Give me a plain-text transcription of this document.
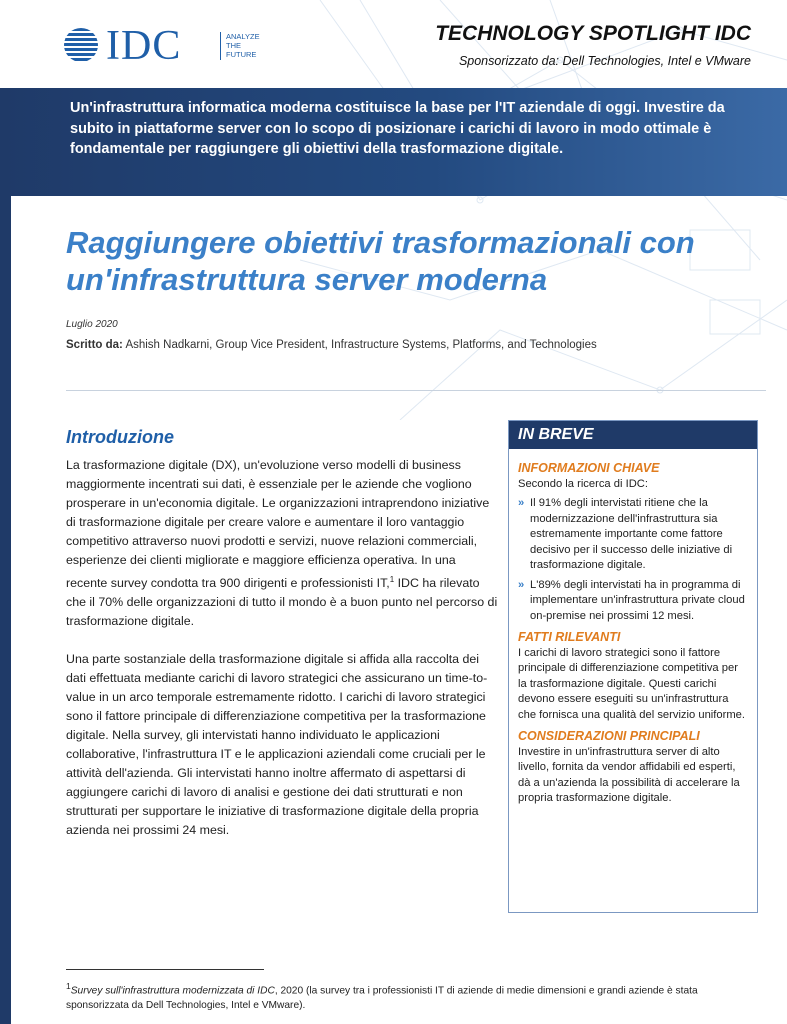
IDC	ANALYZE
THE
FUTURE
TECHNOLOGY SPOTLIGHT IDC
Sponsorizzato da: Dell Technologies, Intel e VMware

Un'infrastruttura informatica moderna costituisce la base per l'IT aziendale di oggi. Investire da subito in piattaforme server con lo scopo di posizionare i carichi di lavoro in modo ottimale è fondamentale per raggiungere gli obiettivi della trasformazione digitale.

Raggiungere obiettivi trasformazionali con un'infrastruttura server moderna
Luglio 2020
Scritto da: Ashish Nadkarni, Group Vice President, Infrastructure Systems, Platforms, and Technologies
Introduzione

La trasformazione digitale (DX), un'evoluzione verso modelli di business maggiormente incentrati sui dati, è essenziale per le aziende che vogliono prosperare in un'economia digitale. Le organizzazioni intraprendono iniziative di trasformazione digitale per creare valore e aumentare il loro vantaggio competitivo attraverso nuovi prodotti e servizi, nuove relazioni commerciali, esperienze dei clienti migliorate e maggiore efficienza operativa. In una recente survey condotta tra 900 dirigenti e professionisti IT,$^1$ IDC ha rilevato che il 70% delle organizzazioni di tutto il mondo è a buon punto nel percorso di trasformazione digitale.

Una parte sostanziale della trasformazione digitale si affida alla raccolta dei dati effettuata mediante carichi di lavoro strategici che assicurano un time-to-value in un arco temporale estremamente ridotto. I carichi di lavoro strategici sono il fattore principale di differenziazione competitiva per la trasformazione digitale. Nella survey, gli intervistati hanno individuato le applicazioni collaborative, l'infrastruttura IT e le applicazioni aziendali come cruciali per le attività dell'azienda. Gli intervistati hanno inoltre affermato di aspettarsi di aggiungere carichi di lavoro di analisi e gestione dei dati strutturati e non strutturati per supportare le iniziative di trasformazione digitale della propria azienda nei prossimi 24 mesi.

IN BREVE

INFORMAZIONI CHIAVE

Secondo la ricerca di IDC:

» Il 91% degli intervistati ritiene che la modernizzazione dell'infrastruttura sia estremamente importante come fattore decisivo per il successo delle iniziative di trasformazione digitale.

» L'89% degli intervistati ha in programma di implementare un'infrastruttura private cloud on-premise nei prossimi 12 mesi.

FATTI RILEVANTI

I carichi di lavoro strategici sono il fattore principale di differenziazione competitiva per la trasformazione digitale. Questi carichi devono essere eseguiti su un'infrastruttura che fornisca una qualità del servizio uniforme.

CONSIDERAZIONI PRINCIPALI

Investire in un'infrastruttura server di alto livello, fornita da vendor affidabili ed esperti, dà a un'azienda la possibilità di accelerare la propria trasformazione digitale.

$^1$Survey sull'infrastruttura modernizzata di IDC, 2020 (la survey tra i professionisti IT di aziende di medie dimensioni e grandi aziende è stata sponsorizzata da Dell Technologies, Intel e VMware).
